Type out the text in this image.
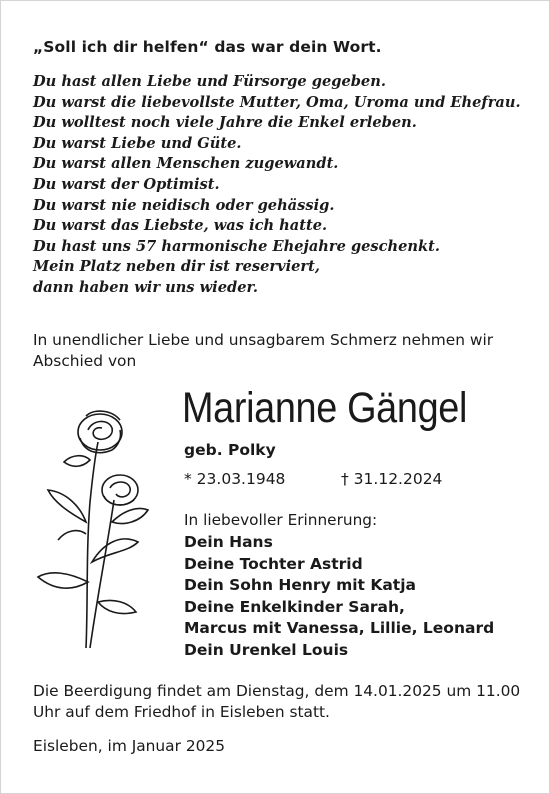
„Soll ich dir helfen“ das war dein Wort.
Du hast allen Liebe und Fürsorge gegeben.
Du warst die liebevollste Mutter, Oma, Uroma und Ehefrau.
Du wolltest noch viele Jahre die Enkel erleben.
Du warst Liebe und Güte.
Du warst allen Menschen zugewandt.
Du warst der Optimist.
Du warst nie neidisch oder gehässig.
Du warst das Liebste, was ich hatte.
Du hast uns 57 harmonische Ehejahre geschenkt.
Mein Platz neben dir ist reserviert,
dann haben wir uns wieder.
In unendlicher Liebe und unsagbarem Schmerz nehmen wir Abschied von
Marianne Gängel
geb. Polky
* 23.03.1948	† 31.12.2024
In liebevoller Erinnerung:
Dein Hans
Deine Tochter Astrid
Dein Sohn Henry mit Katja
Deine Enkelkinder Sarah,
Marcus mit Vanessa, Lillie, Leonard
Dein Urenkel Louis
Die Beerdigung findet am Dienstag, dem 14.01.2025 um 11.00 Uhr auf dem Friedhof in Eisleben statt.
Eisleben, im Januar 2025
